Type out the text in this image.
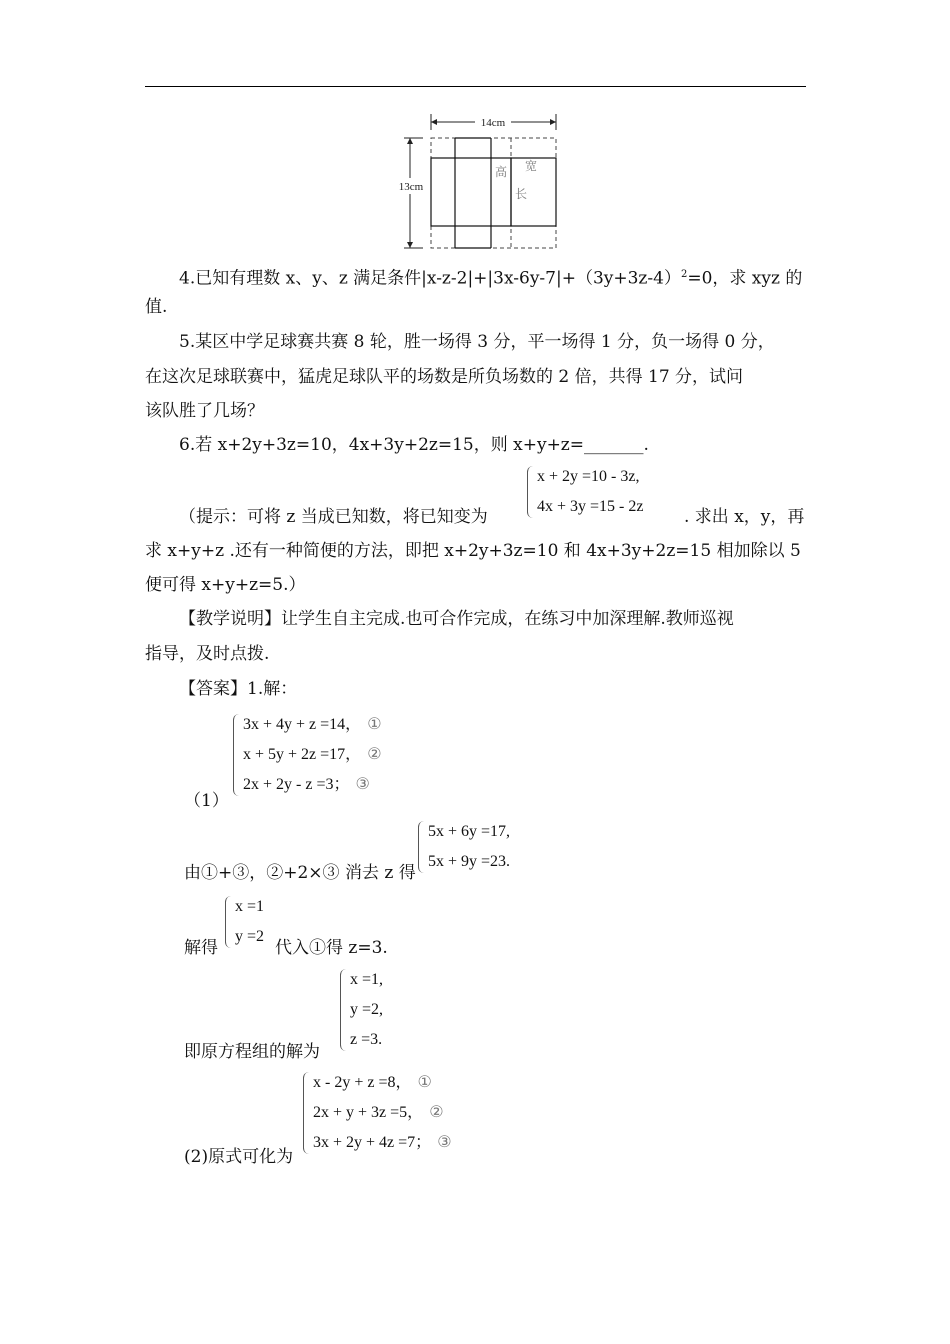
14cm
13cm
高 宽
长
4.已知有理数 x、y、z 满足条件$|x-z-2|+|3x-6y-7|+(3y+3z-4)^2=0$，求 xyz 的
值.
5.某区中学足球赛共赛 8 轮，胜一场得 3 分，平一场得 1 分，负一场得 0 分，
在这次足球联赛中，猛虎足球队平的场数是所负场数的 2 倍，共得 17 分，试问
该队胜了几场？
6.若 x+2y+3z=10，4x+3y+2z=15，则 x+y+z=_______.
x + 2y =10 - 3z,
4x + 3y =15 - 2z
（提示：可将 z 当成已知数，将已知变为	. 求出 x，y，再
求 x+y+z .还有一种简便的方法，即把 x+2y+3z=10 和 4x+3y+2z=15 相加除以 5
便可得 x+y+z=5.）
【教学说明】让学生自主完成.也可合作完成，在练习中加深理解.教师巡视
指导，及时点拨.
【答案】1.解：
3x + 4y + z =14， ①
x + 5y + 2z =17， ②
2x + 2y - z =3； ③
（1）
由①+③，②+2×③ 消去 z 得
5x + 6y =17,
5x + 9y =23.
解得
x =1
y =2
代入①得 z=3.
即原方程组的解为
x =1,
y =2,
z =3.
(2)原式可化为
x - 2y + z =8， ①
2x + y + 3z =5， ②
3x + 2y + 4z =7； ③
